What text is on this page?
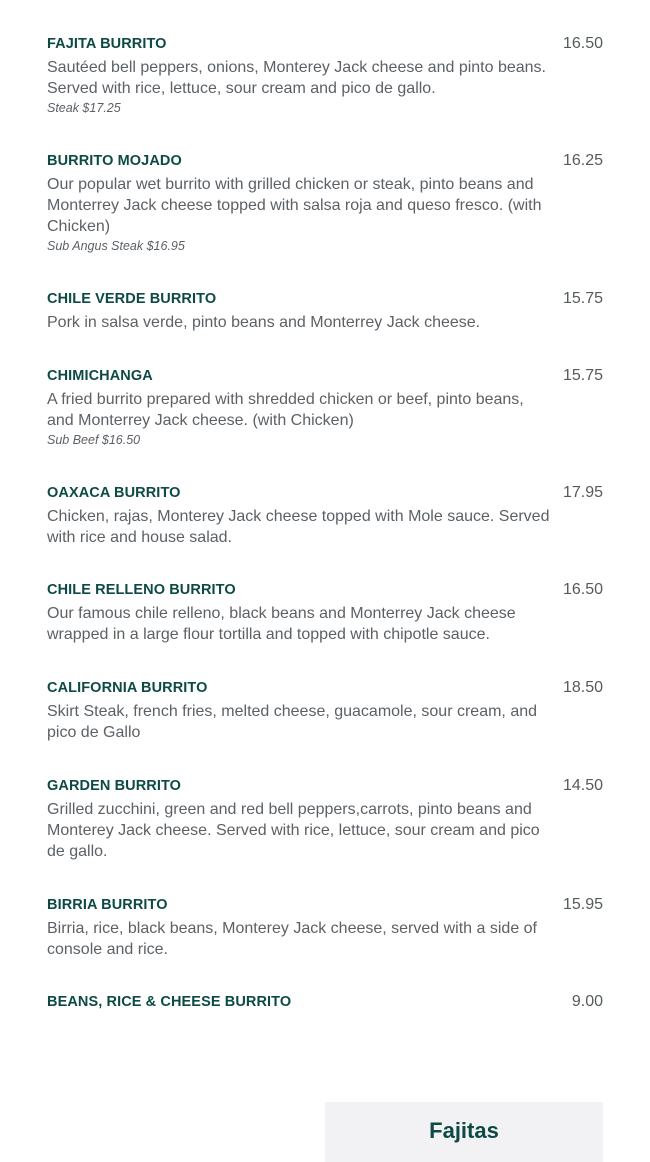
FAJITA BURRITO	16.50
Sautéed bell peppers, onions, Monterey Jack cheese and pinto beans. Served with rice, lettuce, sour cream and pico de gallo.
Steak $17.25
BURRITO MOJADO	16.25
Our popular wet burrito with grilled chicken or steak, pinto beans and Monterrey Jack cheese topped with salsa roja and queso fresco. (with Chicken)
Sub Angus Steak $16.95
CHILE VERDE BURRITO	15.75
Pork in salsa verde, pinto beans and Monterrey Jack cheese.
CHIMICHANGA	15.75
A fried burrito prepared with shredded chicken or beef, pinto beans, and Monterrey Jack cheese. (with Chicken)
Sub Beef $16.50
OAXACA BURRITO	17.95
Chicken, rajas, Monterey Jack cheese topped with Mole sauce. Served with rice and house salad.
CHILE RELLENO BURRITO	16.50
Our famous chile relleno, black beans and Monterrey Jack cheese wrapped in a large flour tortilla and topped with chipotle sauce.
CALIFORNIA BURRITO	18.50
Skirt Steak, french fries, melted cheese, guacamole, sour cream, and pico de Gallo
GARDEN BURRITO	14.50
Grilled zucchini, green and red bell peppers,carrots, pinto beans and Monterey Jack cheese. Served with rice, lettuce, sour cream and pico de gallo.
BIRRIA BURRITO	15.95
Birria, rice, black beans, Monterey Jack cheese, served with a side of console and rice.
BEANS, RICE & CHEESE BURRITO	9.00
Fajitas
